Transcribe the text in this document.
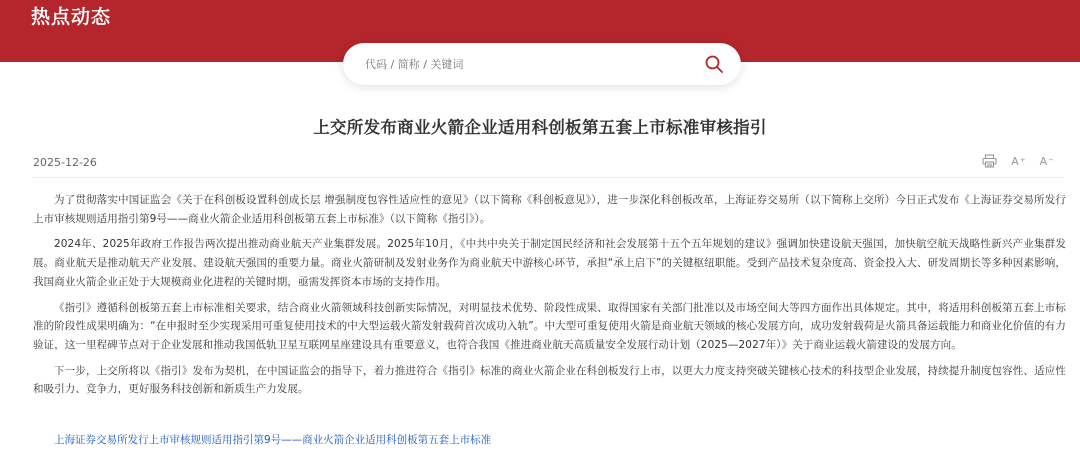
热点动态
代码 / 简称 / 关键词
上交所发布商业火箭企业适用科创板第五套上市标准审核指引
2025-12-26	A+ A−

为了贯彻落实中国证监会《关于在科创板设置科创成长层 增强制度包容性适应性的意见》（以下简称《科创板意见》），进一步深化科创板改革，上海证券交易所（以下简称上交所）今日正式发布《上海证券交易所发行上市审核规则适用指引第9号——商业火箭企业适用科创板第五套上市标准》（以下简称《指引》）。

2024年、2025年政府工作报告两次提出推动商业航天产业集群发展。2025年10月，《中共中央关于制定国民经济和社会发展第十五个五年规划的建议》强调加快建设航天强国，加快航空航天战略性新兴产业集群发展。商业航天是推动航天产业发展、建设航天强国的重要力量。商业火箭研制及发射业务作为商业航天中游核心环节，承担“承上启下”的关键枢纽职能。受到产品技术复杂度高、资金投入大、研发周期长等多种因素影响，我国商业火箭企业正处于大规模商业化进程的关键时期，亟需发挥资本市场的支持作用。

《指引》遵循科创板第五套上市标准相关要求，结合商业火箭领域科技创新实际情况，对明显技术优势、阶段性成果、取得国家有关部门批准以及市场空间大等四方面作出具体规定。其中，将适用科创板第五套上市标准的阶段性成果明确为：“在申报时至少实现采用可重复使用技术的中大型运载火箭发射载荷首次成功入轨”。中大型可重复使用火箭是商业航天领域的核心发展方向，成功发射载荷是火箭具备运载能力和商业化价值的有力验证，这一里程碑节点对于企业发展和推动我国低轨卫星互联网星座建设具有重要意义，也符合我国《推进商业航天高质量安全发展行动计划（2025—2027年）》关于商业运载火箭建设的发展方向。

下一步，上交所将以《指引》发布为契机，在中国证监会的指导下，着力推进符合《指引》标准的商业火箭企业在科创板发行上市，以更大力度支持突破关键核心技术的科技型企业发展，持续提升制度包容性、适应性和吸引力、竞争力，更好服务科技创新和新质生产力发展。

上海证券交易所发行上市审核规则适用指引第9号——商业火箭企业适用科创板第五套上市标准
